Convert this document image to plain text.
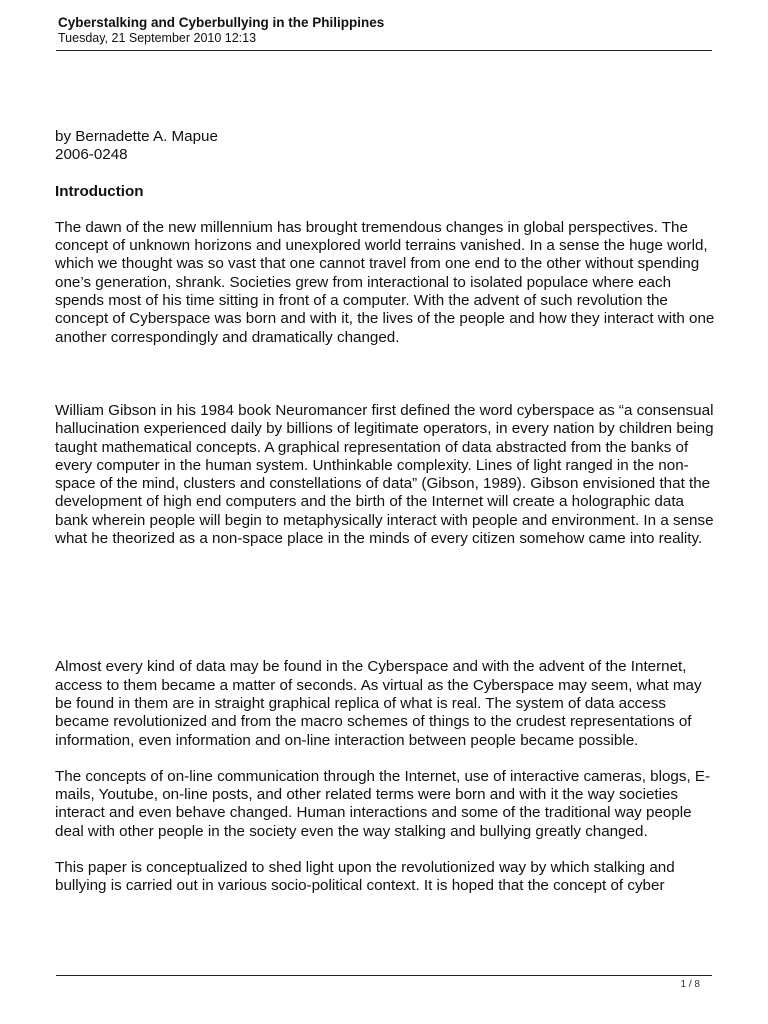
Cyberstalking and Cyberbullying in the Philippines
Tuesday, 21 September 2010 12:13

by Bernadette A. Mapue

2006-0248

Introduction

The dawn of the new millennium has brought tremendous changes in global perspectives. The concept of unknown horizons and unexplored world terrains vanished. In a sense the huge world, which we thought was so vast that one cannot travel from one end to the other without spending one’s generation, shrank. Societies grew from interactional to isolated populace where each spends most of his time sitting in front of a computer. With the advent of such revolution the concept of Cyberspace was born and with it, the lives of the people and how they interact with one another correspondingly and dramatically changed.

William Gibson in his 1984 book Neuromancer first defined the word cyberspace as “a consensual hallucination experienced daily by billions of legitimate operators, in every nation by children being taught mathematical concepts. A graphical representation of data abstracted from the banks of every computer in the human system. Unthinkable complexity. Lines of light ranged in the non-space of the mind, clusters and constellations of data” (Gibson, 1989). Gibson envisioned that the development of high end computers and the birth of the Internet will create a holographic data bank wherein people will begin to metaphysically interact with people and environment. In a sense what he theorized as a non-space place in the minds of every citizen somehow came into reality.

Almost every kind of data may be found in the Cyberspace and with the advent of the Internet, access to them became a matter of seconds. As virtual as the Cyberspace may seem, what may be found in them are in straight graphical replica of what is real. The system of data access became revolutionized and from the macro schemes of things to the crudest representations of information, even information and on-line interaction between people became possible.

The concepts of on-line communication through the Internet, use of interactive cameras, blogs, E-mails, Youtube, on-line posts, and other related terms were born and with it the way societies interact and even behave changed. Human interactions and some of the traditional way people deal with other people in the society even the way stalking and bullying greatly changed.

This paper is conceptualized to shed light upon the revolutionized way by which stalking and bullying is carried out in various socio-political context. It is hoped that the concept of cyber

1 / 8
